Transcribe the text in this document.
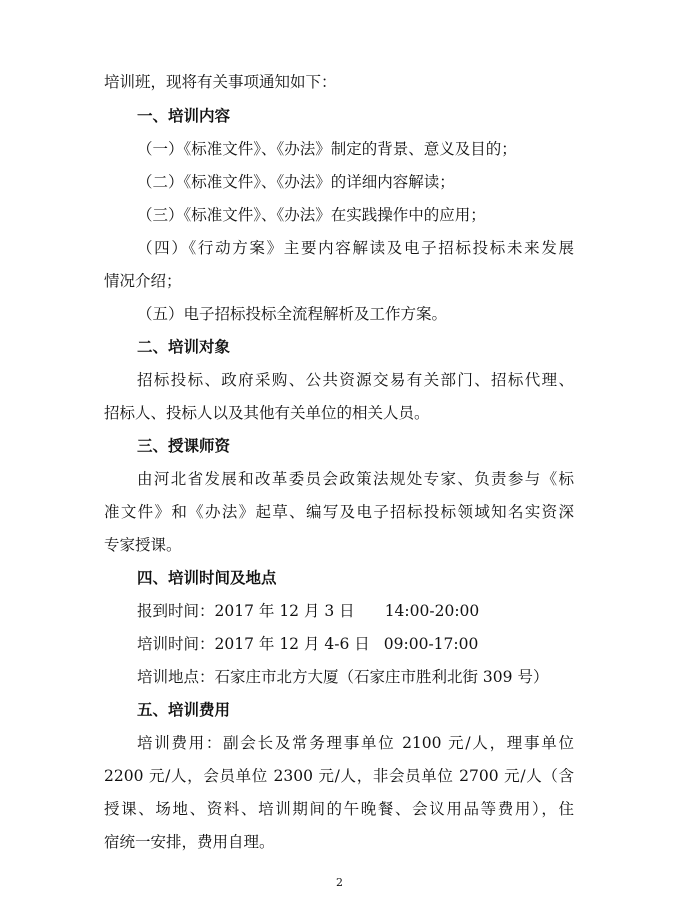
培训班，现将有关事项通知如下：
一、培训内容
（一）《标准文件》、《办法》制定的背景、意义及目的；
（二）《标准文件》、《办法》的详细内容解读；
（三）《标准文件》、《办法》在实践操作中的应用；
（四）《行动方案》主要内容解读及电子招标投标未来发展
情况介绍；
（五）电子招标投标全流程解析及工作方案。
二、培训对象
招标投标、政府采购、公共资源交易有关部门、招标代理、
招标人、投标人以及其他有关单位的相关人员。
三、授课师资
由河北省发展和改革委员会政策法规处专家、负责参与《标
准文件》和《办法》起草、编写及电子招标投标领域知名实资深
专家授课。
四、培训时间及地点
报到时间：2017 年 12 月 3 日 14:00-20:00
培训时间：2017 年 12 月 4-6 日 09:00-17:00
培训地点：石家庄市北方大厦（石家庄市胜利北街 309 号）
五、培训费用
培训费用：副会长及常务理事单位 2100 元/人，理事单位
2200 元/人，会员单位 2300 元/人，非会员单位 2700 元/人（含
授课、场地、资料、培训期间的午晚餐、会议用品等费用），住
宿统一安排，费用自理。
2
